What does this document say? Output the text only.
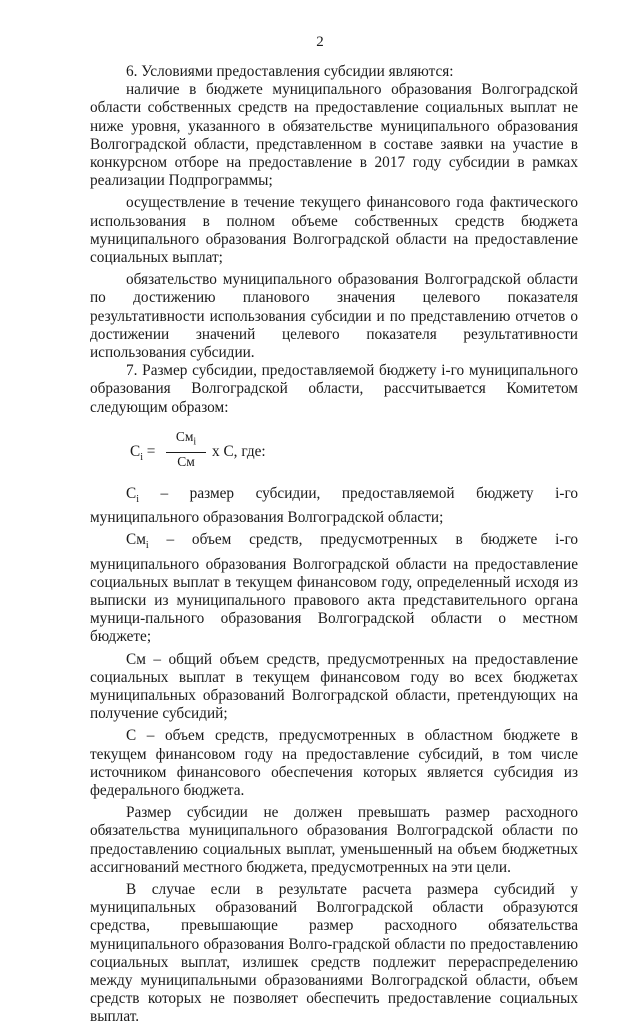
2

6. Условиями предоставления субсидии являются:

наличие в бюджете муниципального образования Волгоградской области собственных средств на предоставление социальных выплат не ниже уровня, указанного в обязательстве муниципального образования Волгоградской области, представленном в составе заявки на участие в конкурсном отборе на предоставление в 2017 году субсидии в рамках реализации Подпрограммы;

осуществление в течение текущего финансового года фактического использования в полном объеме собственных средств бюджета муниципального образования Волгоградской области на предоставление социальных выплат;

обязательство муниципального образования Волгоградской области по достижению планового значения целевого показателя результативности использования субсидии и по представлению отчетов о достижении значений целевого показателя результативности использования субсидии.

7. Размер субсидии, предоставляемой бюджету i-го муниципального образования Волгоградской области, рассчитывается Комитетом следующим образом:

$C_i$ =
$См_i$
См
x С, где:

$C_i$ – размер субсидии, предоставляемой бюджету i-го муниципального образования Волгоградской области;

$См_i$ – объем средств, предусмотренных в бюджете i-го муниципального образования Волгоградской области на предоставление социальных выплат в текущем финансовом году, определенный исходя из выписки из муниципального правового акта представительного органа муници-пального образования Волгоградской области о местном бюджете;

См – общий объем средств, предусмотренных на предоставление социальных выплат в текущем финансовом году во всех бюджетах муниципальных образований Волгоградской области, претендующих на получение субсидий;

С – объем средств, предусмотренных в областном бюджете в текущем финансовом году на предоставление субсидий, в том числе источником финансового обеспечения которых является субсидия из федерального бюджета.

Размер субсидии не должен превышать размер расходного обязательства муниципального образования Волгоградской области по предоставлению социальных выплат, уменьшенный на объем бюджетных ассигнований местного бюджета, предусмотренных на эти цели.

В случае если в результате расчета размера субсидий у муниципальных образований Волгоградской области образуются средства, превышающие размер расходного обязательства муниципального образования Волго-градской области по предоставлению социальных выплат, излишек средств подлежит перераспределению между муниципальными образованиями Волгоградской области, объем средств которых не позволяет обеспечить предоставление социальных выплат.
